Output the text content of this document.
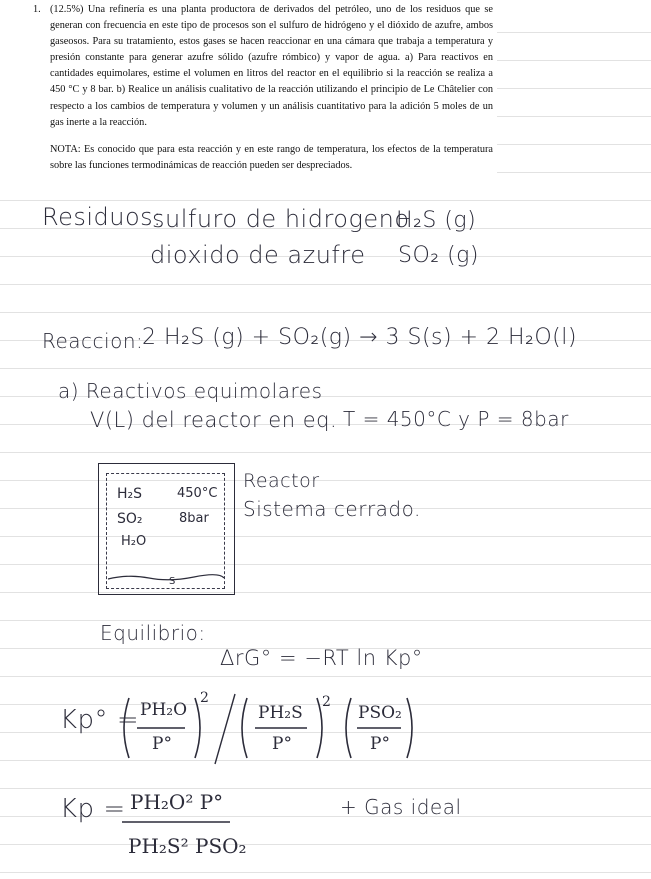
1. (12.5%) Una refinería es una planta productora de derivados del petróleo, uno de los residuos que se generan con frecuencia en este tipo de procesos son el sulfuro de hidrógeno y el dióxido de azufre, ambos gaseosos. Para su tratamiento, estos gases se hacen reaccionar en una cámara que trabaja a temperatura y presión constante para generar azufre sólido (azufre rómbico) y vapor de agua. a) Para reactivos en cantidades equimolares, estime el volumen en litros del reactor en el equilibrio si la reacción se realiza a 450 °C y 8 bar. b) Realice un análisis cualitativo de la reacción utilizando el principio de Le Châtelier con respecto a los cambios de temperatura y volumen y un análisis cuantitativo para la adición 5 moles de un gas inerte a la reacción.

NOTA: Es conocido que para esta reacción y en este rango de temperatura, los efectos de la temperatura sobre las funciones termodinámicas de reacción pueden ser despreciados.

Residuos:
sulfuro de hidrogeno
H₂S (g)
dioxido de azufre SO₂ (g)
Reaccion:
2 H₂S (g) + SO₂(g) → 3 S(s) + 2 H₂O(l)
a) Reactivos equimolares
V(L) del reactor en eq. T = 450°C y P = 8bar
H₂S
SO₂
H₂O
450°C
8bar
S
Reactor
Sistema cerrado.
Equilibrio:
ΔrG° = −RT ln Kp°
Kp° = PH₂O
P°
2
PH₂S
P°
2
PSO₂
P°
Kp = PH₂O² P°
PH₂S² PSO₂
+ Gas ideal
